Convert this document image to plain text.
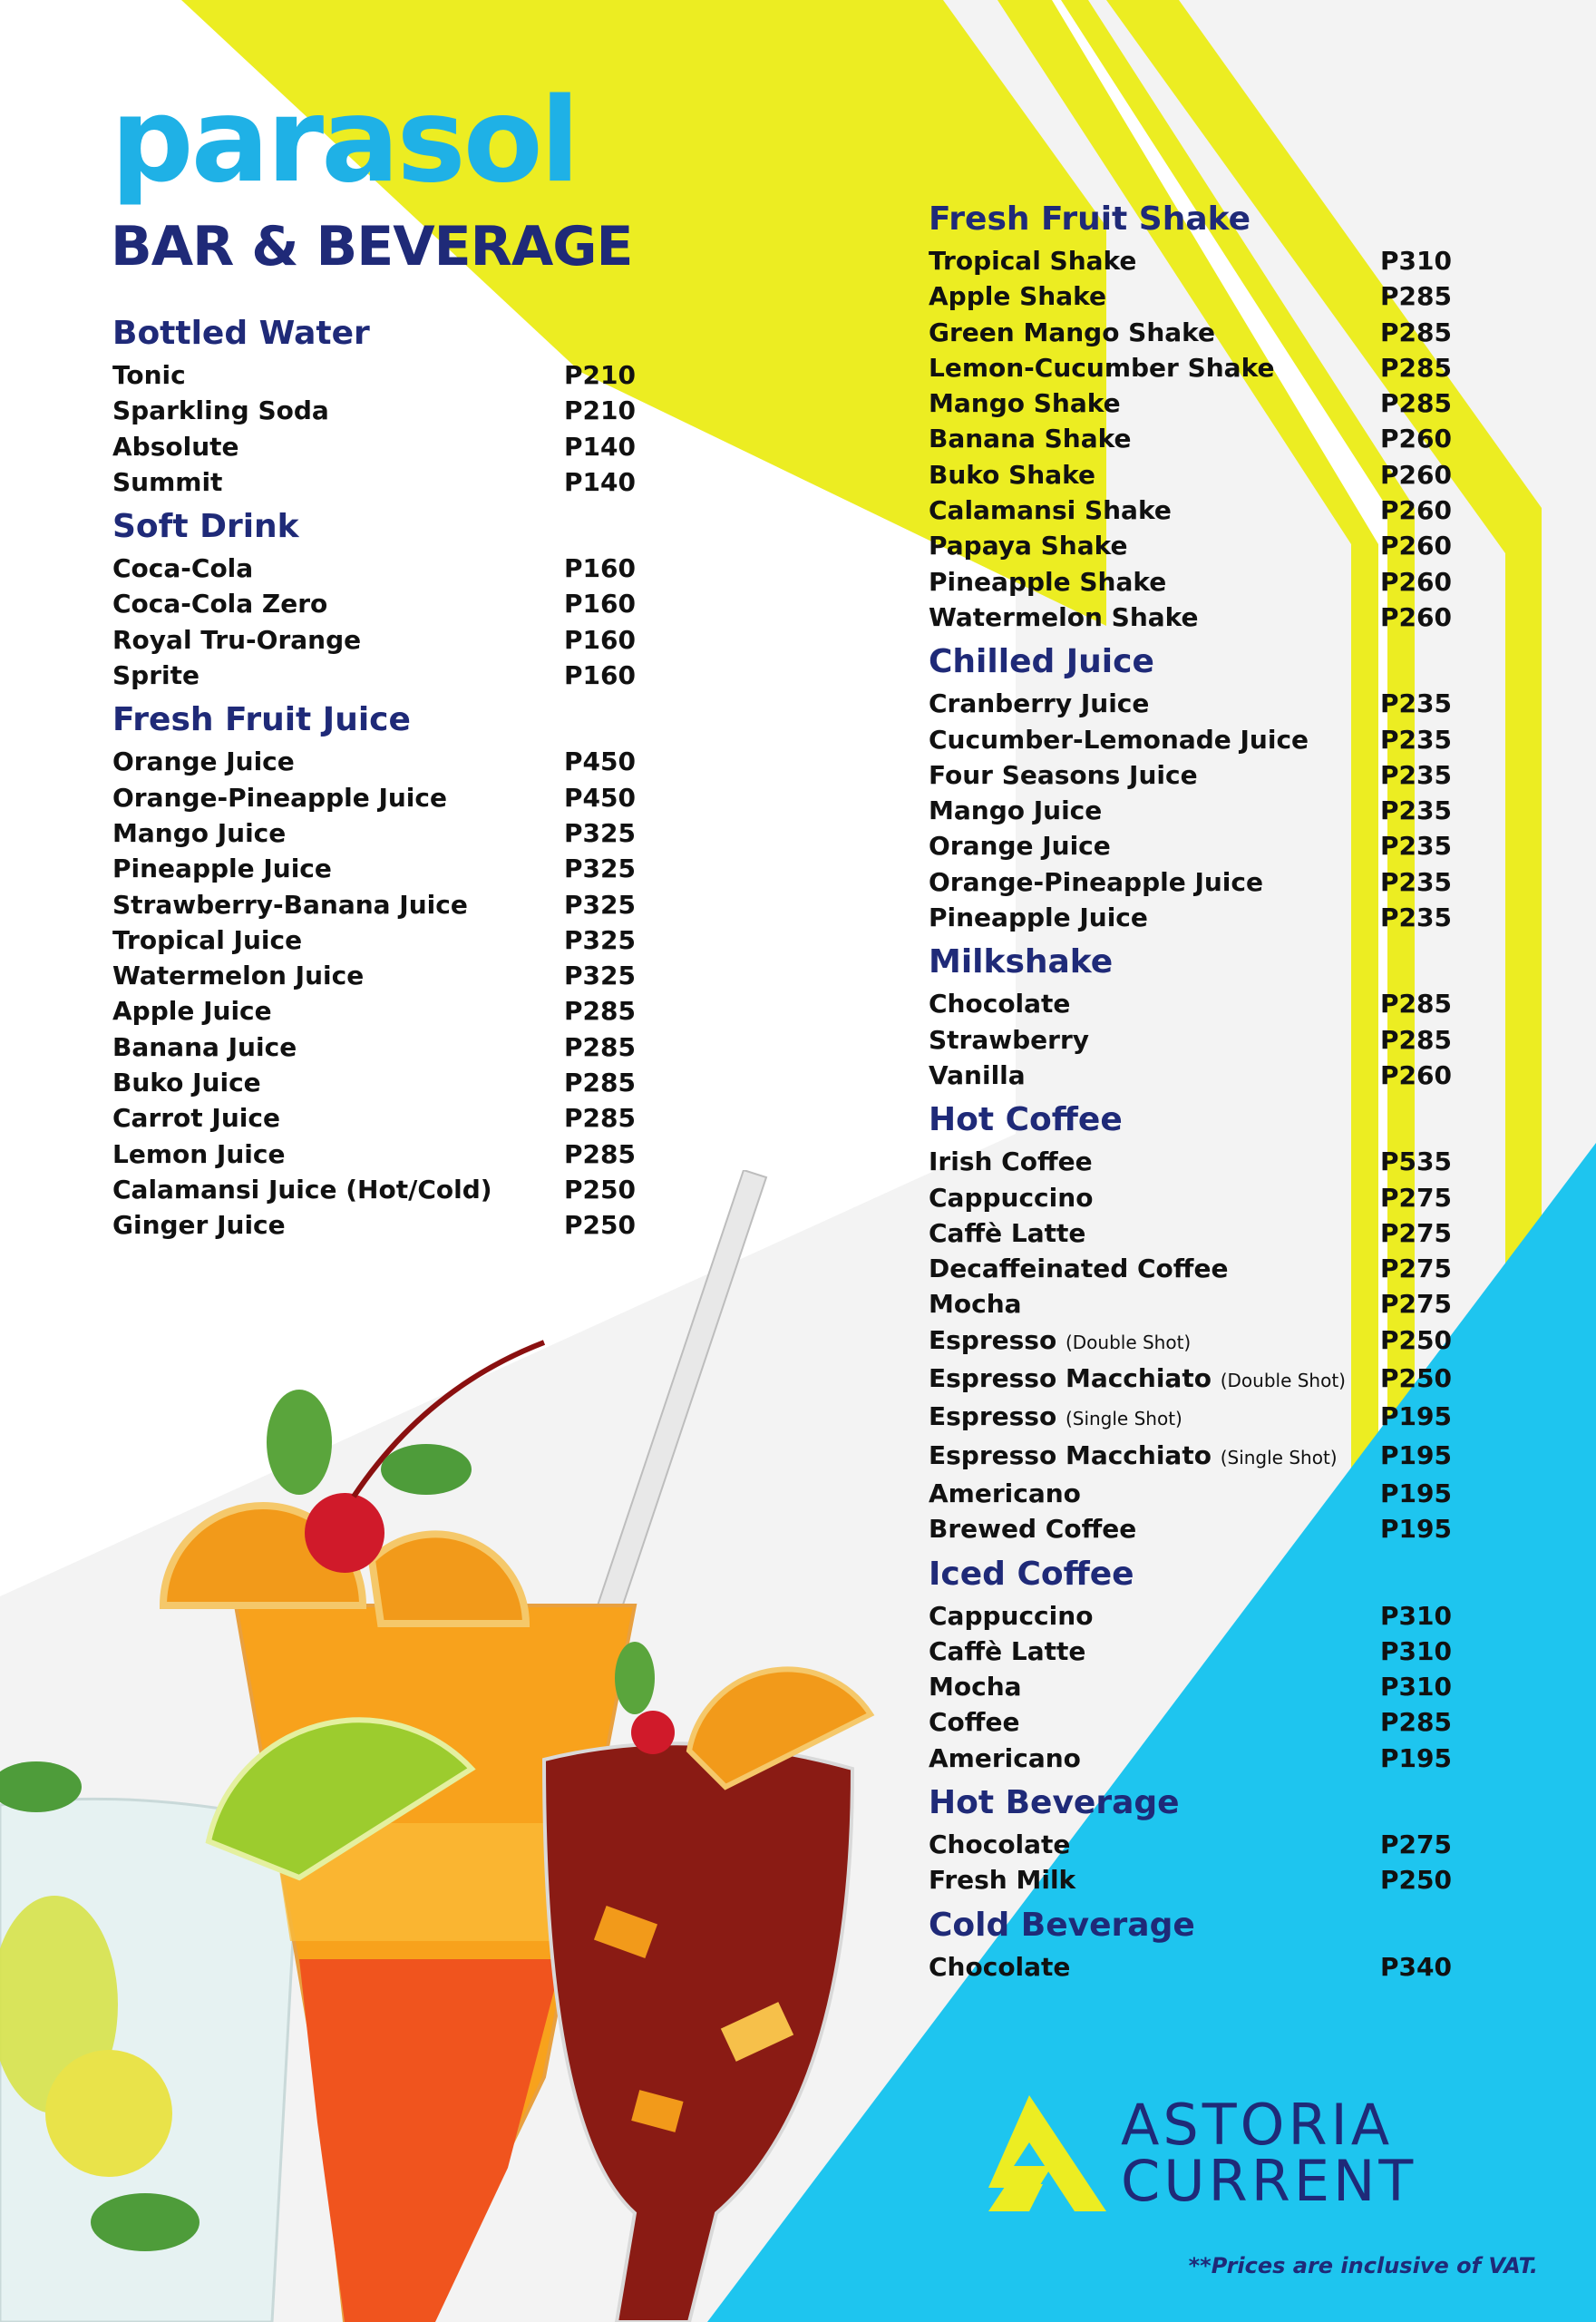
parasol
BAR & BEVERAGE
Bottled Water
Tonic	P210
Sparkling Soda	P210
Absolute	P140
Summit	P140
Soft Drink
Coca-Cola	P160
Coca-Cola Zero	P160
Royal Tru-Orange	P160
Sprite	P160
Fresh Fruit Juice
Orange Juice	P450
Orange-Pineapple Juice	P450
Mango Juice	P325
Pineapple Juice	P325
Strawberry-Banana Juice	P325
Tropical Juice	P325
Watermelon Juice	P325
Apple Juice	P285
Banana Juice	P285
Buko Juice	P285
Carrot Juice	P285
Lemon Juice	P285
Calamansi Juice (Hot/Cold)	P250
Ginger Juice	P250
Fresh Fruit Shake
Tropical Shake	P310
Apple Shake	P285
Green Mango Shake	P285
Lemon-Cucumber Shake	P285
Mango Shake	P285
Banana Shake	P260
Buko Shake	P260
Calamansi Shake	P260
Papaya Shake	P260
Pineapple Shake	P260
Watermelon Shake	P260
Chilled Juice
Cranberry Juice	P235
Cucumber-Lemonade Juice	P235
Four Seasons Juice	P235
Mango Juice	P235
Orange Juice	P235
Orange-Pineapple Juice	P235
Pineapple Juice	P235
Milkshake
Chocolate	P285
Strawberry	P285
Vanilla	P260
Hot Coffee
Irish Coffee	P535
Cappuccino	P275
Caffè Latte	P275
Decaffeinated Coffee	P275
Mocha	P275
Espresso (Double Shot)	P250
Espresso Macchiato (Double Shot) P250
Espresso (Single Shot)	P195
Espresso Macchiato (Single Shot) P195
Americano	P195
Brewed Coffee	P195
Iced Coffee
Cappuccino	P310
Caffè Latte	P310
Mocha	P310
Coffee	P285
Americano	P195
Hot Beverage
Chocolate	P275
Fresh Milk	P250
Cold Beverage
Chocolate	P340
ASTORIA
CURRENT
**Prices are inclusive of VAT.
